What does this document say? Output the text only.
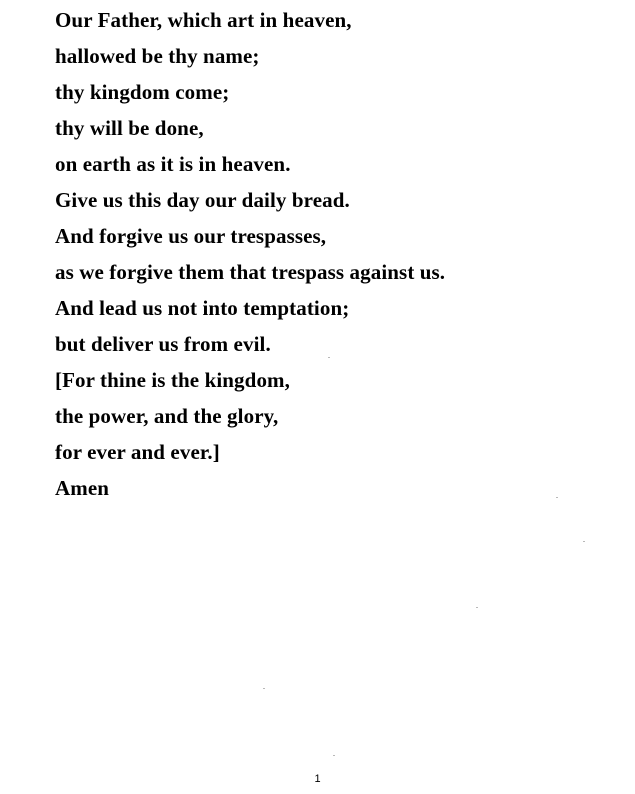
Our Father, which art in heaven,
hallowed be thy name;
thy kingdom come;
thy will be done,
on earth as it is in heaven.
Give us this day our daily bread.
And forgive us our trespasses,
as we forgive them that trespass against us.
And lead us not into temptation;
but deliver us from evil.
[For thine is the kingdom,
the power, and the glory,
for ever and ever.]
Amen
1
